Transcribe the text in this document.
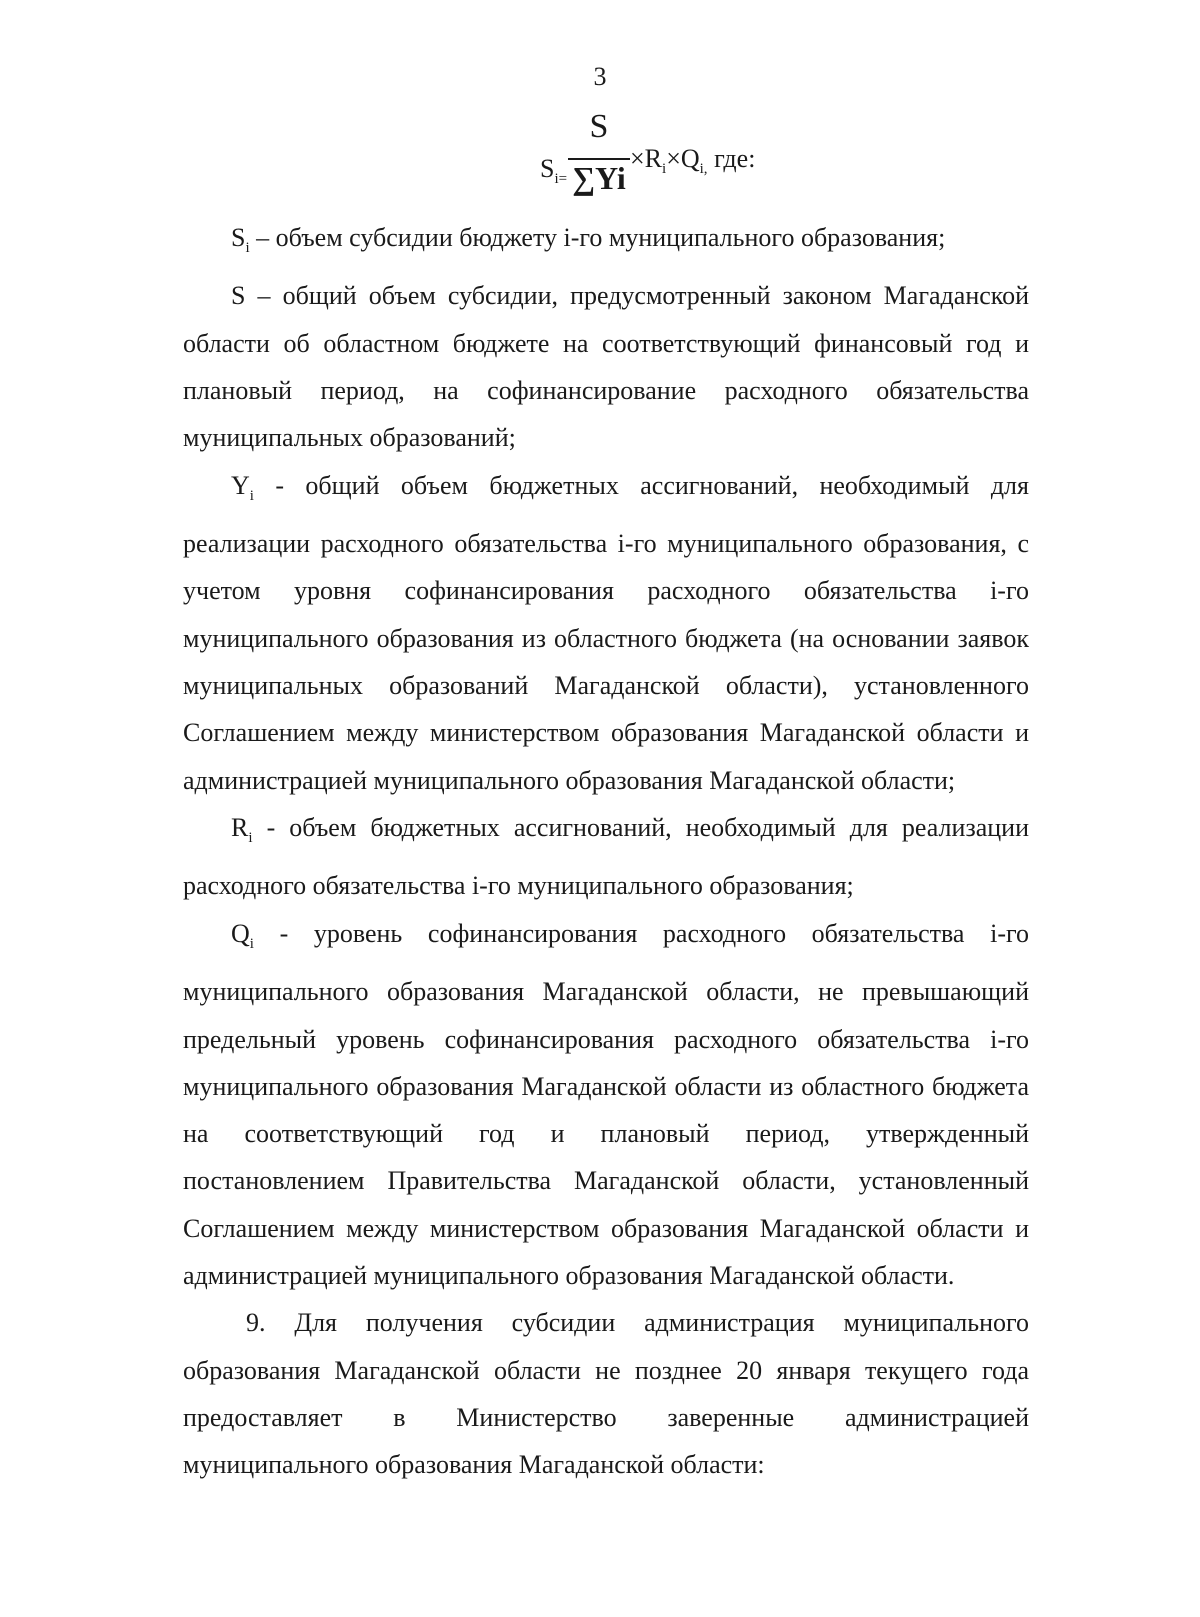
3
$S_{i=}$
S
∑Yi
$\times R_i\times Q_{i,}$ где:

$S_i$ – объем субсидии бюджету i-го муниципального образования;

S – общий объем субсидии, предусмотренный законом Магаданской области об областном бюджете на соответствующий финансовый год и плановый период, на софинансирование расходного обязательства муниципальных образований;

$Y_i$ - общий объем бюджетных ассигнований, необходимый для реализации расходного обязательства i-го муниципального образования, с учетом уровня софинансирования расходного обязательства i-го муниципального образования из областного бюджета (на основании заявок муниципальных образований Магаданской области), установленного Соглашением между министерством образования Магаданской области и администрацией муниципального образования Магаданской области;

$R_i$ - объем бюджетных ассигнований, необходимый для реализации расходного обязательства i-го муниципального образования;

$Q_i$ - уровень софинансирования расходного обязательства i-го муниципального образования Магаданской области, не превышающий предельный уровень софинансирования расходного обязательства i-го муниципального образования Магаданской области из областного бюджета на соответствующий год и плановый период, утвержденный постановлением Правительства Магаданской области, установленный Соглашением между министерством образования Магаданской области и администрацией муниципального образования Магаданской области.

9. Для получения субсидии администрация муниципального образования Магаданской области не позднее 20 января текущего года предоставляет в Министерство заверенные администрацией муниципального образования Магаданской области:
